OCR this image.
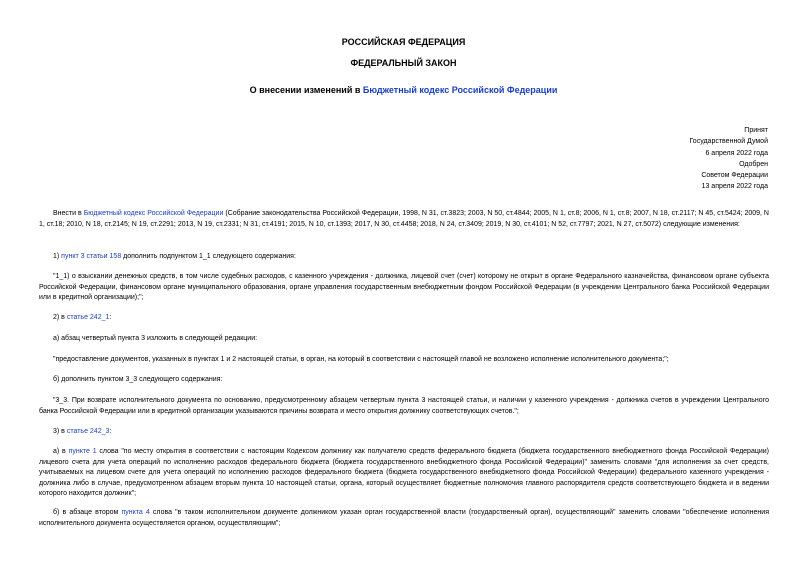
РОССИЙСКАЯ ФЕДЕРАЦИЯ
ФЕДЕРАЛЬНЫЙ ЗАКОН
О внесении изменений в Бюджетный кодекс Российской Федерации
Принят
Государственной Думой
6 апреля 2022 года
Одобрен
Советом Федерации
13 апреля 2022 года
Внести в Бюджетный кодекс Российской Федерации (Собрание законодательства Российской Федерации, 1998, N 31, ст.3823; 2003, N 50, ст.4844; 2005, N 1, ст.8; 2006, N 1, ст.8; 2007, N 18, ст.2117; N 45, ст.5424; 2009, N 1, ст.18; 2010, N 18, ст.2145; N 19, ст.2291; 2013, N 19, ст.2331; N 31, ст.4191; 2015, N 10, ст.1393; 2017, N 30, ст.4458; 2018, N 24, ст.3409; 2019, N 30, ст.4101; N 52, ст.7797; 2021, N 27, ст.5072) следующие изменения:
1) пункт 3 статьи 158 дополнить подпунктом 1_1 следующего содержания:
"1_1) о взыскании денежных средств, в том числе судебных расходов, с казенного учреждения - должника, лицевой счет (счет) которому не открыт в органе Федерального казначейства, финансовом органе субъекта Российской Федерации, финансовом органе муниципального образования, органе управления государственным внебюджетным фондом Российской Федерации (в учреждении Центрального банка Российской Федерации или в кредитной организации);";
2) в статье 242_1:
а) абзац четвертый пункта 3 изложить в следующей редакции:
"предоставление документов, указанных в пунктах 1 и 2 настоящей статьи, в орган, на который в соответствии с настоящей главой не возложено исполнение исполнительного документа;";
б) дополнить пунктом 3_3 следующего содержания:
"3_3. При возврате исполнительного документа по основанию, предусмотренному абзацем четвертым пункта 3 настоящей статьи, и наличии у казенного учреждения - должника счетов в учреждении Центрального банка Российской Федерации или в кредитной организации указываются причины возврата и место открытия должнику соответствующих счетов.";
3) в статье 242_3:
а) в пункте 1 слова "по месту открытия в соответствии с настоящим Кодексом должнику как получателю средств федерального бюджета (бюджета государственного внебюджетного фонда Российской Федерации) лицевого счета для учета операций по исполнению расходов федерального бюджета (бюджета государственного внебюджетного фонда Российской Федерации)" заменить словами "для исполнения за счет средств, учитываемых на лицевом счете для учета операций по исполнению расходов федерального бюджета (бюджета государственного внебюджетного фонда Российской Федерации) федерального казенного учреждения - должника либо в случае, предусмотренном абзацем вторым пункта 10 настоящей статьи, органа, который осуществляет бюджетные полномочия главного распорядителя средств соответствующего бюджета и в ведении которого находится должник";
б) в абзаце втором пункта 4 слова "в таком исполнительном документе должником указан орган государственной власти (государственный орган), осуществляющий" заменить словами "обеспечение исполнения исполнительного документа осуществляется органом, осуществляющим";
